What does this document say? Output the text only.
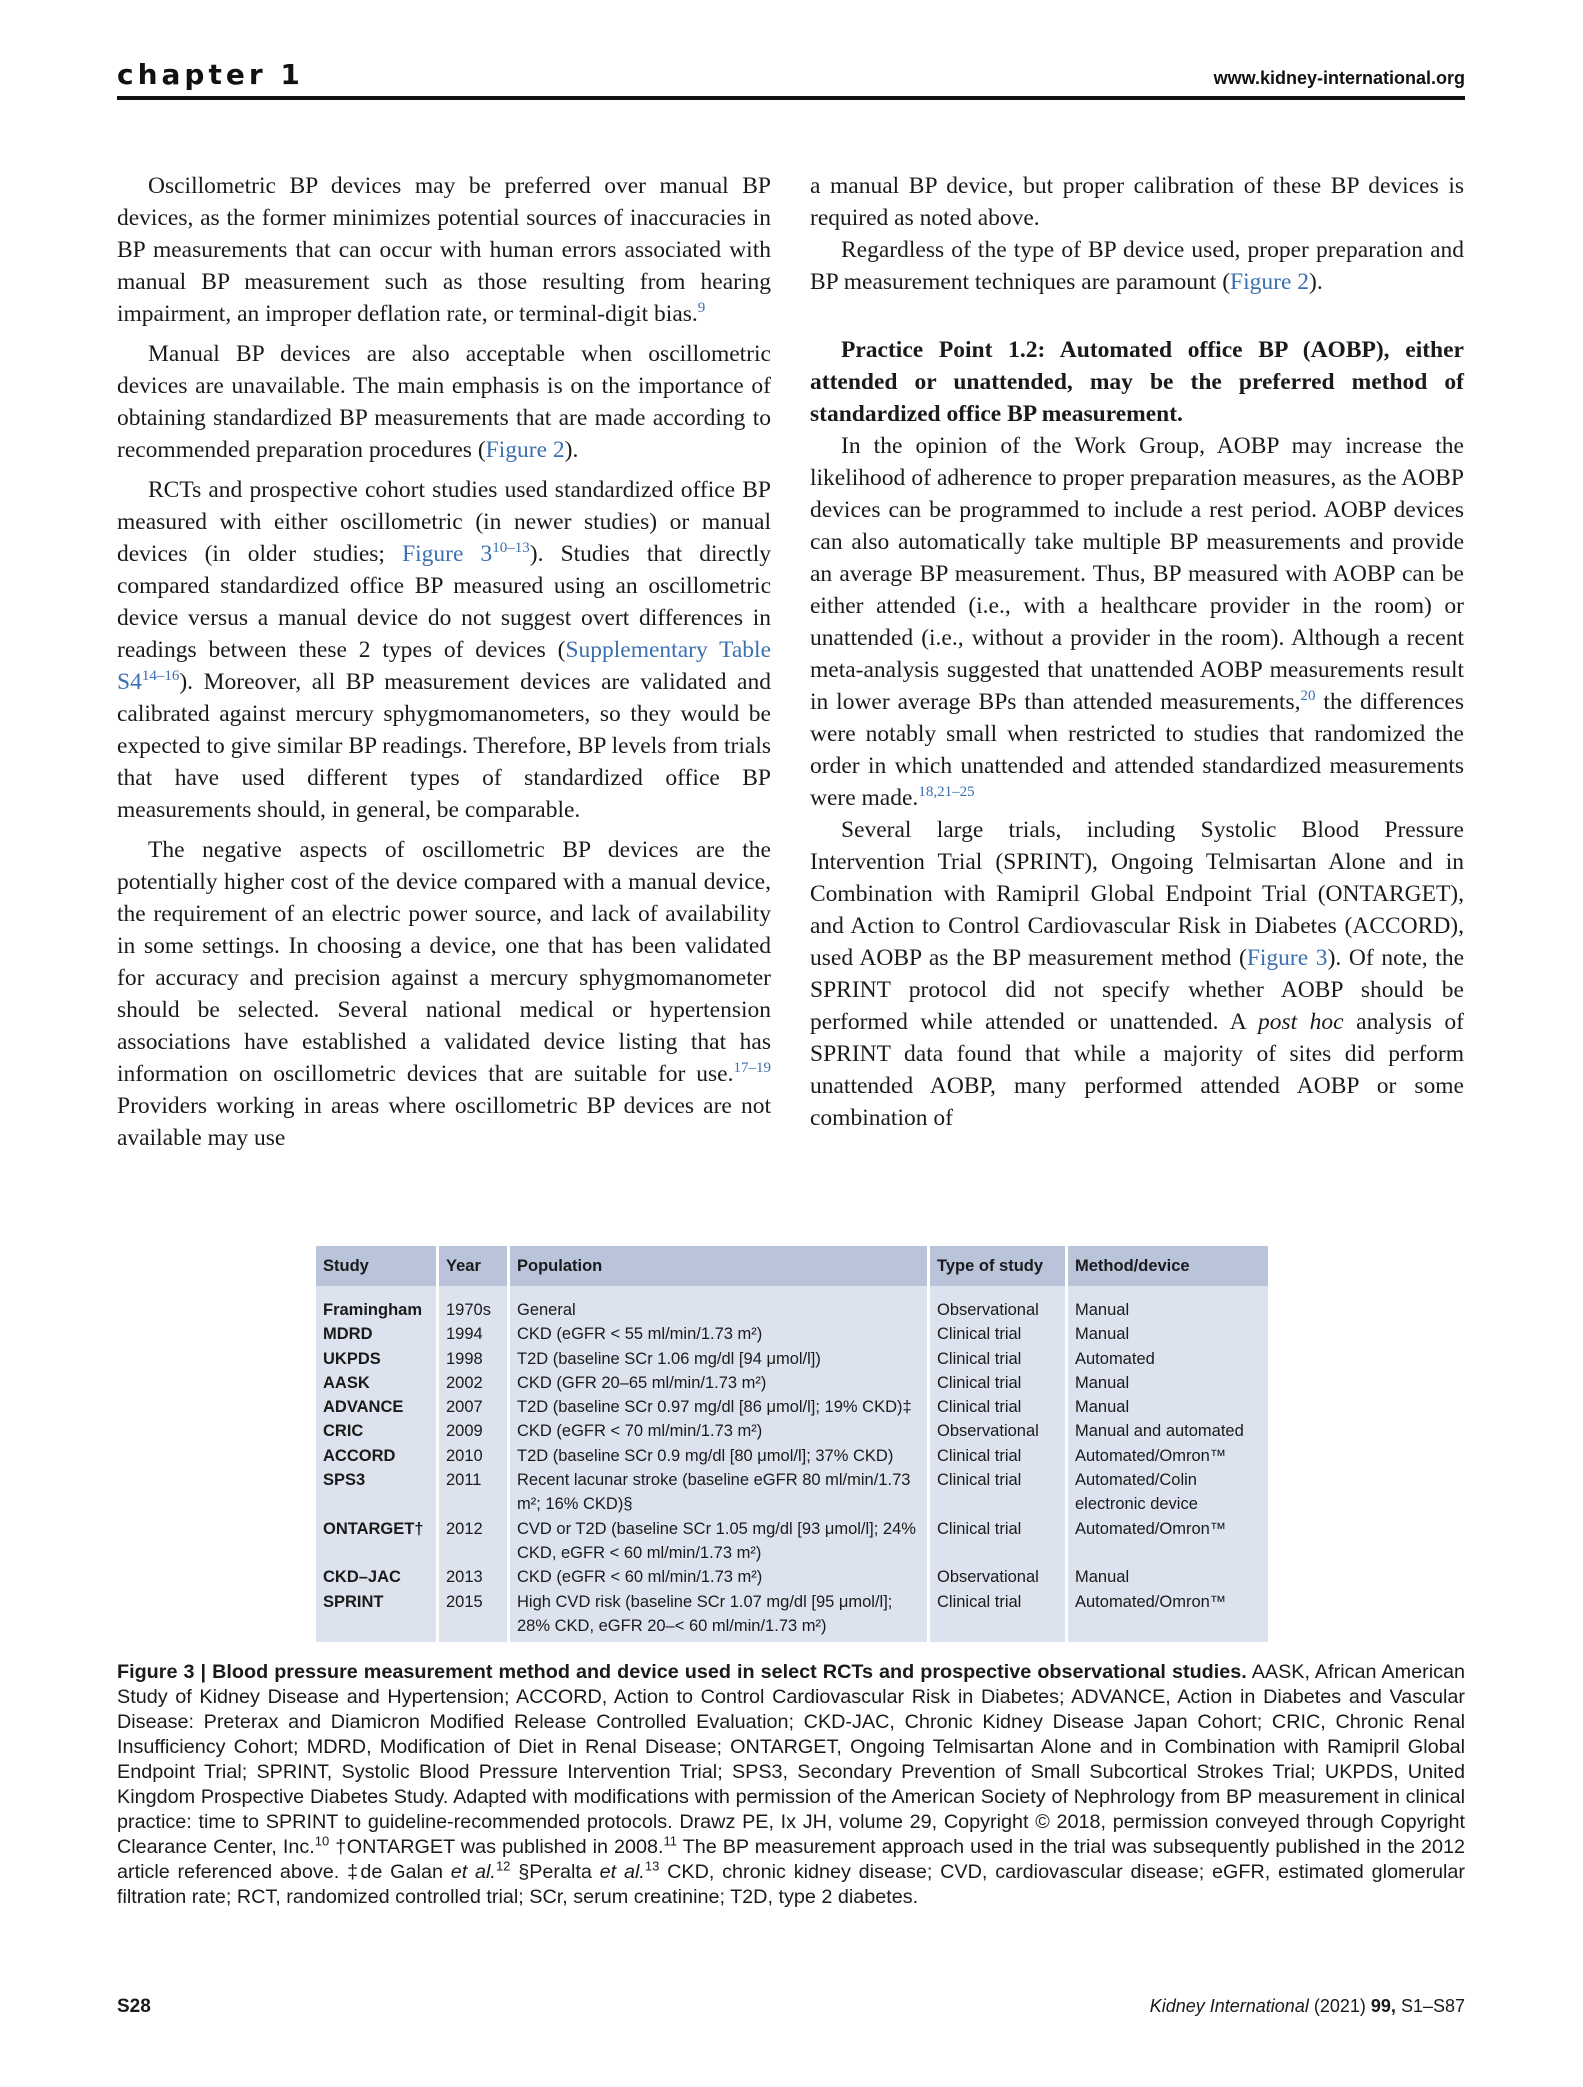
chapter 1	www.kidney-international.org

Oscillometric BP devices may be preferred over manual BP devices, as the former minimizes potential sources of inaccuracies in BP measurements that can occur with human errors associated with manual BP measurement such as those resulting from hearing impairment, an improper deflation rate, or terminal-digit bias.$^9$

Manual BP devices are also acceptable when oscillometric devices are unavailable. The main emphasis is on the importance of obtaining standardized BP measurements that are made according to recommended preparation procedures (Figure 2).

RCTs and prospective cohort studies used standardized office BP measured with either oscillometric (in newer studies) or manual devices (in older studies; Figure 3$^{10-13}$). Studies that directly compared standardized office BP measured using an oscillometric device versus a manual device do not suggest overt differences in readings between these 2 types of devices (Supplementary Table S4$^{14-16}$). Moreover, all BP measurement devices are validated and calibrated against mercury sphygmomanometers, so they would be expected to give similar BP readings. Therefore, BP levels from trials that have used different types of standardized office BP measurements should, in general, be comparable.

The negative aspects of oscillometric BP devices are the potentially higher cost of the device compared with a manual device, the requirement of an electric power source, and lack of availability in some settings. In choosing a device, one that has been validated for accuracy and precision against a mercury sphygmomanometer should be selected. Several national medical or hypertension associations have established a validated device listing that has information on oscillometric devices that are suitable for use.$^{17-19}$ Providers working in areas where oscillometric BP devices are not available may use

a manual BP device, but proper calibration of these BP devices is required as noted above.

Regardless of the type of BP device used, proper preparation and BP measurement techniques are paramount (Figure 2).

Practice Point 1.2: Automated office BP (AOBP), either attended or unattended, may be the preferred method of standardized office BP measurement.

In the opinion of the Work Group, AOBP may increase the likelihood of adherence to proper preparation measures, as the AOBP devices can be programmed to include a rest period. AOBP devices can also automatically take multiple BP measurements and provide an average BP measurement. Thus, BP measured with AOBP can be either attended (i.e., with a healthcare provider in the room) or unattended (i.e., without a provider in the room). Although a recent meta-analysis suggested that unattended AOBP measurements result in lower average BPs than attended measurements,$^{20}$ the differences were notably small when restricted to studies that randomized the order in which unattended and attended standardized measurements were made.$^{18,21-25}$

Several large trials, including Systolic Blood Pressure Intervention Trial (SPRINT), Ongoing Telmisartan Alone and in Combination with Ramipril Global Endpoint Trial (ONTARGET), and Action to Control Cardiovascular Risk in Diabetes (ACCORD), used AOBP as the BP measurement method (Figure 3). Of note, the SPRINT protocol did not specify whether AOBP should be performed while attended or unattended. A post hoc analysis of SPRINT data found that while a majority of sites did perform unattended AOBP, many performed attended AOBP or some combination of

Study	Year	Population	Type of study	Method/device
Framingham	1970s	General	Observational	Manual
MDRD	1994	CKD (eGFR < 55 ml/min/1.73 m²)	Clinical trial	Manual
UKPDS	1998	T2D (baseline SCr 1.06 mg/dl [94 μmol/l])	Clinical trial	Automated
AASK	2002	CKD (GFR 20–65 ml/min/1.73 m²)	Clinical trial	Manual
ADVANCE	2007	T2D (baseline SCr 0.97 mg/dl [86 μmol/l]; 19% CKD)‡	Clinical trial	Manual
CRIC	2009	CKD (eGFR < 70 ml/min/1.73 m²)	Observational	Manual and automated
ACCORD	2010	T2D (baseline SCr 0.9 mg/dl [80 μmol/l]; 37% CKD)	Clinical trial	Automated/Omron™
SPS3	2011	Recent lacunar stroke (baseline eGFR 80 ml/min/1.73 m²; 16% CKD)§	Clinical trial	Automated/Colin electronic device
ONTARGET†	2012	CVD or T2D (baseline SCr 1.05 mg/dl [93 μmol/l]; 24% CKD, eGFR < 60 ml/min/1.73 m²)	Clinical trial	Automated/Omron™
CKD–JAC	2013	CKD (eGFR < 60 ml/min/1.73 m²)	Observational	Manual
SPRINT	2015	High CVD risk (baseline SCr 1.07 mg/dl [95 μmol/l]; 28% CKD, eGFR 20–< 60 ml/min/1.73 m²)	Clinical trial	Automated/Omron™
Figure 3 | Blood pressure measurement method and device used in select RCTs and prospective observational studies. AASK, African American Study of Kidney Disease and Hypertension; ACCORD, Action to Control Cardiovascular Risk in Diabetes; ADVANCE, Action in Diabetes and Vascular Disease: Preterax and Diamicron Modified Release Controlled Evaluation; CKD-JAC, Chronic Kidney Disease Japan Cohort; CRIC, Chronic Renal Insufficiency Cohort; MDRD, Modification of Diet in Renal Disease; ONTARGET, Ongoing Telmisartan Alone and in Combination with Ramipril Global Endpoint Trial; SPRINT, Systolic Blood Pressure Intervention Trial; SPS3, Secondary Prevention of Small Subcortical Strokes Trial; UKPDS, United Kingdom Prospective Diabetes Study. Adapted with modifications with permission of the American Society of Nephrology from BP measurement in clinical practice: time to SPRINT to guideline-recommended protocols. Drawz PE, Ix JH, volume 29, Copyright © 2018, permission conveyed through Copyright Clearance Center, Inc.$^{10}$ †ONTARGET was published in 2008.11 The BP measurement approach used in the trial was subsequently published in the 2012 article referenced above. ‡de Galan et al.$^{12}$ §Peralta et al.$^{13}$ CKD, chronic kidney disease; CVD, cardiovascular disease; eGFR, estimated glomerular filtration rate; RCT, randomized controlled trial; SCr, serum creatinine; T2D, type 2 diabetes.
S28	Kidney International (2021) 99, S1–S87
